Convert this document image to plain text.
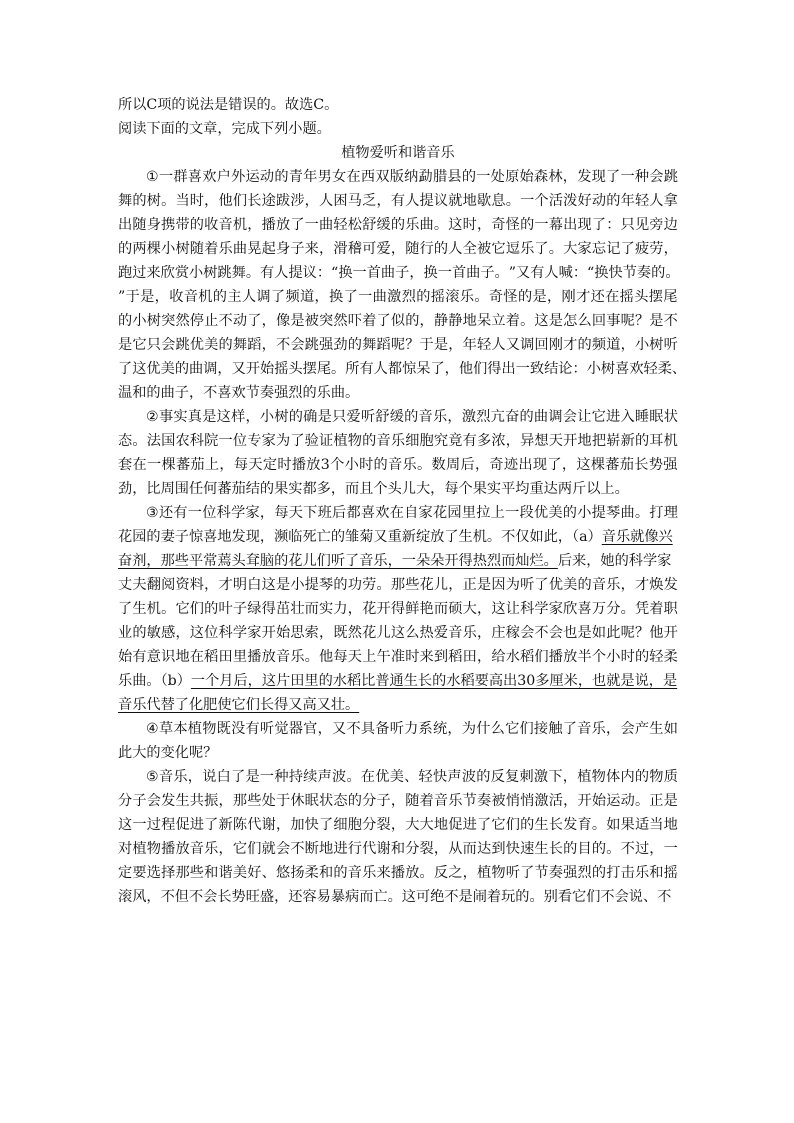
所以C项的说法是错误的。故选C。
阅读下面的文章，完成下列小题。
植物爱听和谐音乐
① 一 群 喜 欢 户 外 运 动 的 青 年 男 女 在 西 双 版 纳 勐 腊 县 的 一 处 原 始 森 林 ， 发 现 了 一 种 会 跳
舞 的 树 。 当 时 ， 他 们 长 途 跋 涉 ， 人 困 马 乏 ， 有 人 提 议 就 地 歇 息 。 一 个 活 泼 好 动 的 年 轻 人 拿
出 随 身 携 带 的 收 音 机 ， 播 放 了 一 曲 轻 松 舒 缓 的 乐 曲 。 这 时 ， 奇 怪 的 一 幕 出 现 了 ： 只 见 旁 边
的 两 棵 小 树 随 着 乐 曲 晃 起 身 子 来 ， 滑 稽 可 爱 ， 随 行 的 人 全 被 它 逗 乐 了 。 大 家 忘 记 了 疲 劳 ，
跑 过 来 欣 赏 小 树 跳 舞 。 有 人 提 议 ： “ 换 一 首 曲 子 ， 换 一 首 曲 子 。 ” 又 有 人 喊 ： “ 换 快 节 奏 的 。
” 于 是 ， 收 音 机 的 主 人 调 了 频 道 ， 换 了 一 曲 激 烈 的 摇 滚 乐 。 奇 怪 的 是 ， 刚 才 还 在 摇 头 摆 尾
的 小 树 突 然 停 止 不 动 了 ， 像 是 被 突 然 吓 着 了 似 的 ， 静 静 地 呆 立 着 。 这 是 怎 么 回 事 呢 ？ 是 不
是 它 只 会 跳 优 美 的 舞 蹈 ， 不 会 跳 强 劲 的 舞 蹈 呢 ？ 于 是 ， 年 轻 人 又 调 回 刚 才 的 频 道 ， 小 树 听
了 这 优 美 的 曲 调 ， 又 开 始 摇 头 摆 尾 。 所 有 人 都 惊 呆 了 ， 他 们 得 出 一 致 结 论 ： 小 树 喜 欢 轻 柔 、
温和的曲子，不喜欢节奏强烈的乐曲。
② 事 实 真 是 这 样 ， 小 树 的 确 是 只 爱 听 舒 缓 的 音 乐 ， 激 烈 亢 奋 的 曲 调 会 让 它 进 入 睡 眠 状
态 。 法 国 农 科 院 一 位 专 家 为 了 验 证 植 物 的 音 乐 细 胞 究 竟 有 多 浓 ， 异 想 天 开 地 把 崭 新 的 耳 机
套 在 一 棵 蕃 茄 上 ， 每 天 定 时 播 放 3 个 小 时 的 音 乐 。 数 周 后 ， 奇 迹 出 现 了 ， 这 棵 蕃 茄 长 势 强
劲，比周围任何蕃茄结的果实都多，而且个头儿大，每个果实平均重达两斤以上。
③ 还 有 一 位 科 学 家 ， 每 天 下 班 后 都 喜 欢 在 自 家 花 园 里 拉 上 一 段 优 美 的 小 提 琴 曲 。 打 理
花园的妻子惊喜地发现，濒临死亡的雏菊又重新绽放了生机。不仅如此，（a） 音乐就像兴
奋剂，那些平常蔫头耷脑的花儿们听了音乐，一朵朵开得热烈而灿烂。 后来，她的科学家
丈 夫 翻 阅 资 料 ， 才 明 白 这 是 小 提 琴 的 功 劳 。 那 些 花 儿 ， 正 是 因 为 听 了 优 美 的 音 乐 ， 才 焕 发
了 生 机 。 它 们 的 叶 子 绿 得 茁 壮 而 实 力 ， 花 开 得 鲜 艳 而 硕 大 ， 这 让 科 学 家 欣 喜 万 分 。 凭 着 职
业 的 敏 感 ， 这 位 科 学 家 开 始 思 索 ， 既 然 花 儿 这 么 热 爱 音 乐 ， 庄 稼 会 不 会 也 是 如 此 呢 ？ 他 开
始 有 意 识 地 在 稻 田 里 播 放 音 乐 。 他 每 天 上 午 准 时 来 到 稻 田 ， 给 水 稻 们 播 放 半 个 小 时 的 轻 柔
乐曲。（b） 一个月后，这片田里的水稻比普通生长的水稻要高出30多厘米，也就是说，是
音乐代替了化肥使它们长得又高又壮。
④ 草 本 植 物 既 没 有 听 觉 器 官 ， 又 不 具 备 听 力 系 统 ， 为 什 么 它 们 接 触 了 音 乐 ， 会 产 生 如
此大的变化呢？
⑤ 音 乐 ， 说 白 了 是 一 种 持 续 声 波 。 在 优 美 、 轻 快 声 波 的 反 复 刺 激 下 ， 植 物 体 内 的 物 质
分 子 会 发 生 共 振 ， 那 些 处 于 休 眠 状 态 的 分 子 ， 随 着 音 乐 节 奏 被 悄 悄 激 活 ， 开 始 运 动 。 正 是
这 一 过 程 促 进 了 新 陈 代 谢 ， 加 快 了 细 胞 分 裂 ， 大 大 地 促 进 了 它 们 的 生 长 发 育 。 如 果 适 当 地
对 植 物 播 放 音 乐 ， 它 们 就 会 不 断 地 进 行 代 谢 和 分 裂 ， 从 而 达 到 快 速 生 长 的 目 的 。 不 过 ， 一
定 要 选 择 那 些 和 谐 美 好 、 悠 扬 柔 和 的 音 乐 来 播 放 。 反 之 ， 植 物 听 了 节 奏 强 烈 的 打 击 乐 和 摇
滚风，不但不会长势旺盛，还容易暴病而亡。这可绝不是闹着玩的。别看它们不会说、不
